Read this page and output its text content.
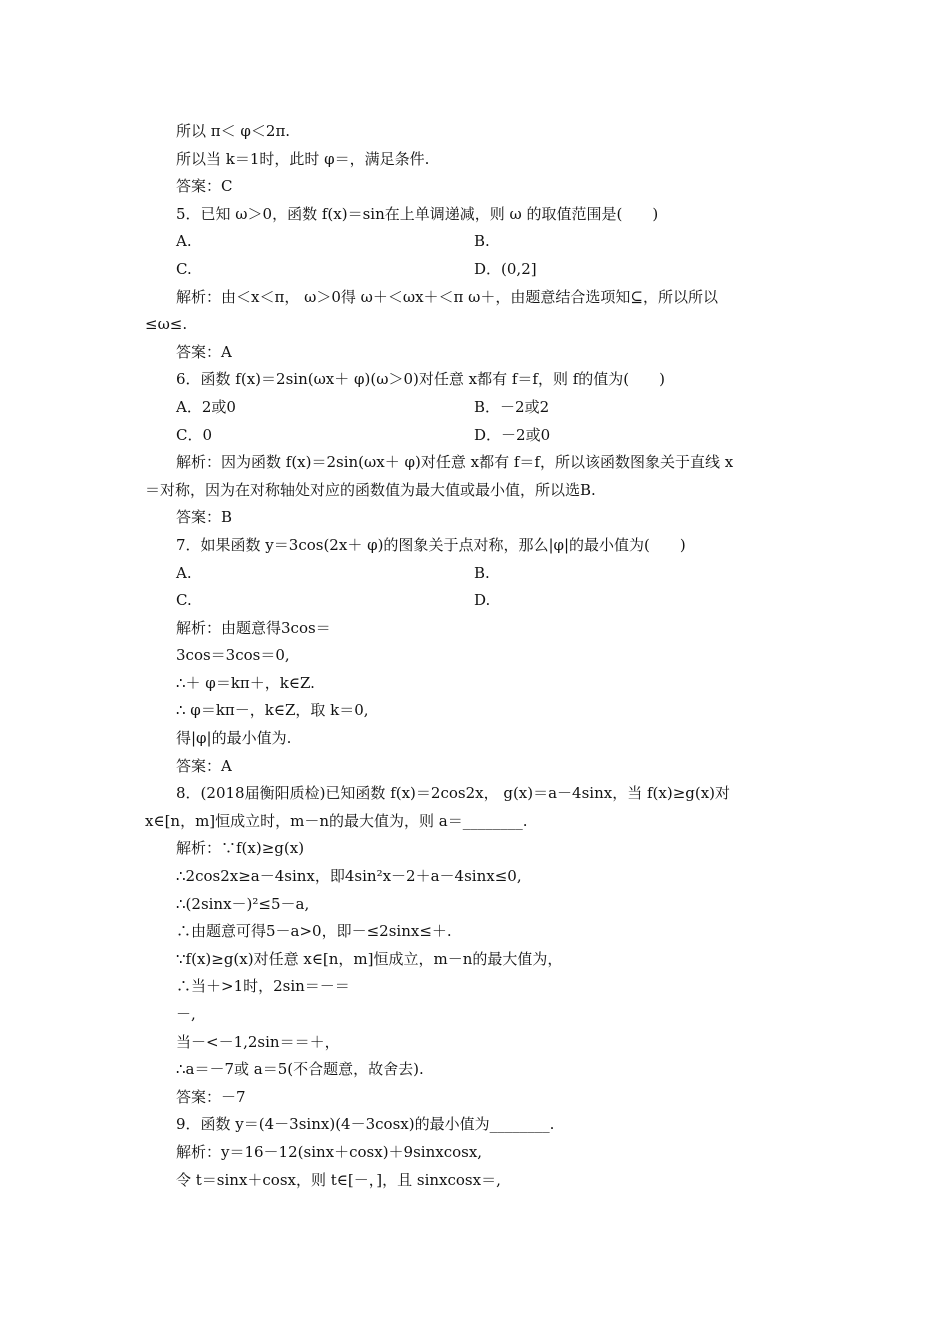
所以 π＜ φ＜2π.
所以当 k＝1时，此时 φ＝，满足条件.
答案：C
5．已知 ω＞0，函数 f(x)＝sin在上单调递减，则 ω 的取值范围是(　　)
A.	B.
C.	D．(0,2]
解析：由＜x＜π， ω＞0得 ω＋＜ωx＋＜π ω＋，由题意结合选项知⊆，所以所以
≤ω≤.
答案：A
6．函数 f(x)＝2sin(ωx＋ φ)(ω＞0)对任意 x都有 f＝f，则 f的值为(　　)
A．2或0	B．－2或2
C．0	D．－2或0
解析：因为函数 f(x)＝2sin(ωx＋ φ)对任意 x都有 f＝f，所以该函数图象关于直线 x
＝对称，因为在对称轴处对应的函数值为最大值或最小值，所以选B.
答案：B
7．如果函数 y＝3cos(2x＋ φ)的图象关于点对称，那么|φ|的最小值为(　　)
A.	B.
C.	D.
解析：由题意得3cos＝
3cos＝3cos＝0,
∴＋ φ＝kπ＋，k∈Z.
∴ φ＝kπ－，k∈Z，取 k＝0,
得|φ|的最小值为.
答案：A
8．(2018届衡阳质检)已知函数 f(x)＝2cos2x， g(x)＝a－4sinx，当 f(x)≥g(x)对
x∈[n，m]恒成立时，m－n的最大值为，则 a＝________.
解析：∵f(x)≥g(x)
∴2cos2x≥a－4sinx，即4sin²x－2＋a－4sinx≤0,
∴(2sinx－)²≤5－a,
∴由题意可得5－a>0，即－≤2sinx≤＋.
∵f(x)≥g(x)对任意 x∈[n，m]恒成立，m－n的最大值为，
∴当＋>1时，2sin＝－＝
－,
当－<－1,2sin＝＝＋，
∴a＝－7或 a＝5(不合题意，故舍去).
答案：－7
9．函数 y＝(4－3sinx)(4－3cosx)的最小值为________.
解析：y＝16－12(sinx＋cosx)＋9sinxcosx,
令 t＝sinx＋cosx，则 t∈[－，]，且 sinxcosx＝,
